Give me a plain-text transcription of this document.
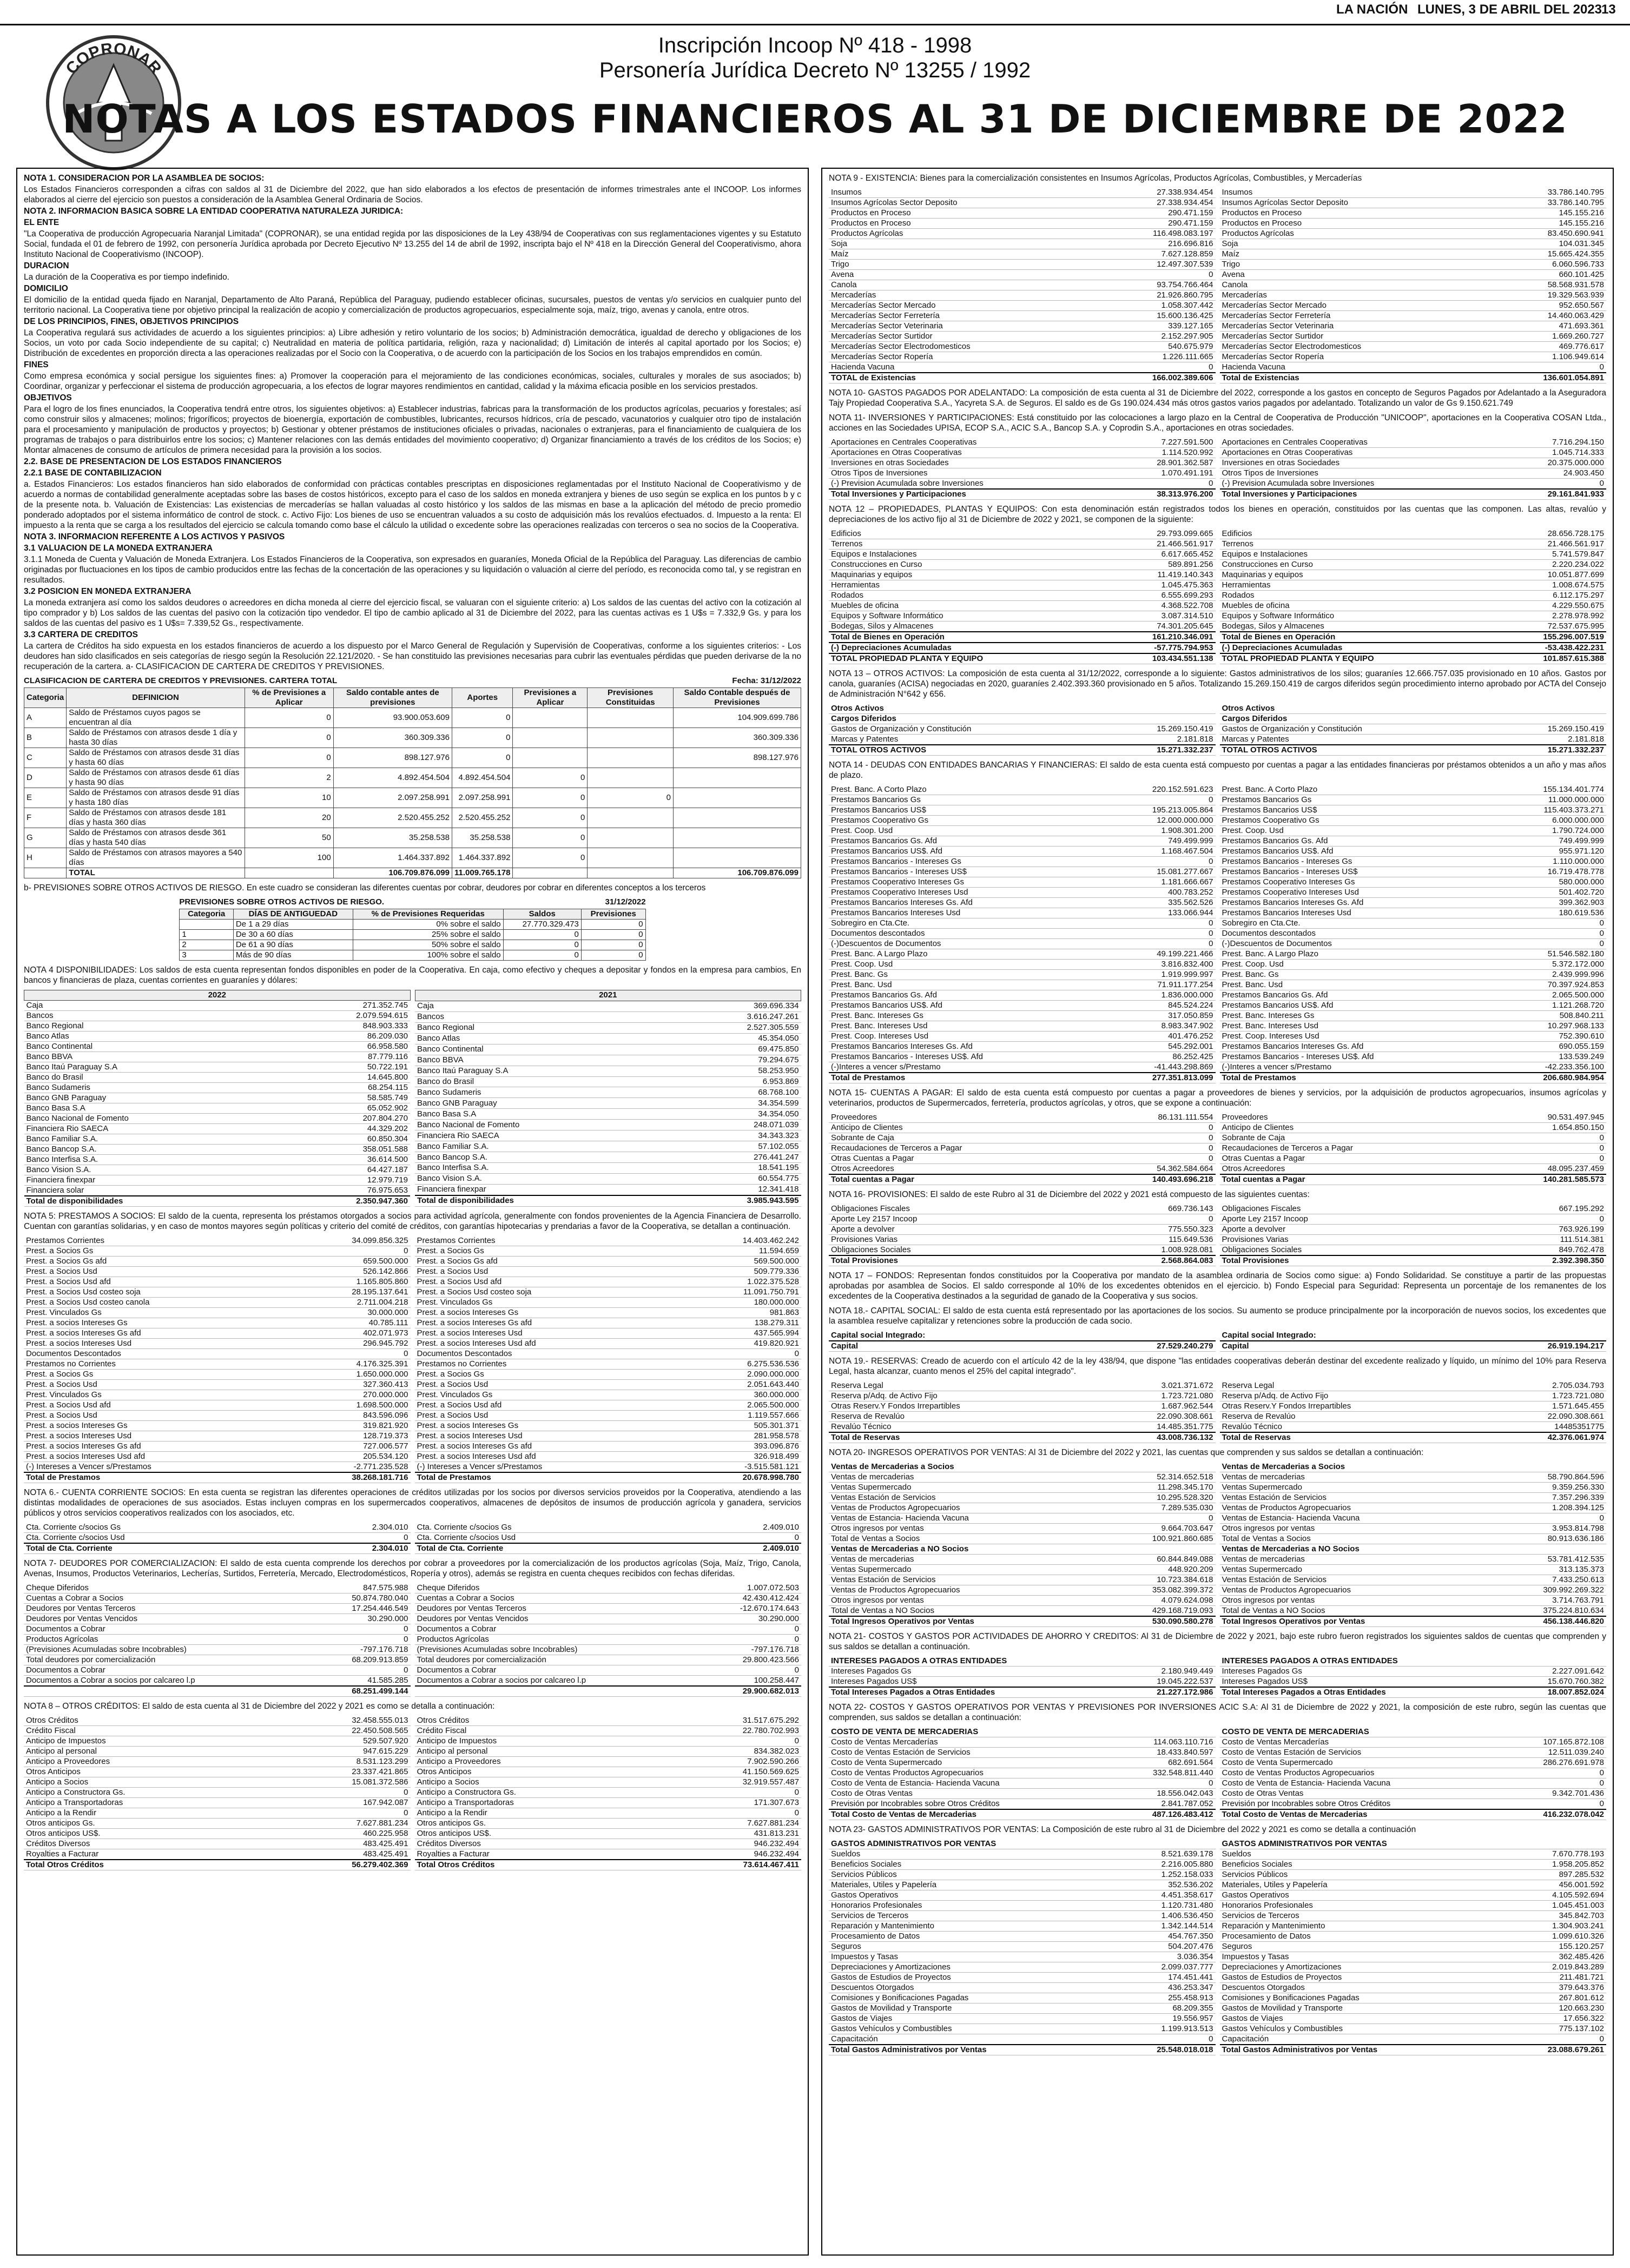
LA NACIÓN LUNES, 3 DE ABRIL DEL 2023 13
COPRONAR
Inscripción Incoop Nº 418 - 1998
Personería Jurídica Decreto Nº 13255 / 1992
NOTAS A LOS ESTADOS FINANCIEROS AL 31 DE DICIEMBRE DE 2022

NOTA 1. CONSIDERACION POR LA ASAMBLEA DE SOCIOS:

Los Estados Financieros corresponden a cifras con saldos al 31 de Diciembre del 2022, que han sido elaborados a los efectos de presentación de informes trimestrales ante el INCOOP. Los informes elaborados al cierre del ejercicio son puestos a consideración de la Asamblea General Ordinaria de Socios.

NOTA 2. INFORMACION BASICA SOBRE LA ENTIDAD COOPERATIVA NATURALEZA JURIDICA:

EL ENTE

"La Cooperativa de producción Agropecuaria Naranjal Limitada" (COPRONAR), se una entidad regida por las disposiciones de la Ley 438/94 de Cooperativas con sus reglamentaciones vigentes y su Estatuto Social, fundada el 01 de febrero de 1992, con personería Jurídica aprobada por Decreto Ejecutivo Nº 13.255 del 14 de abril de 1992, inscripta bajo el Nº 418 en la Dirección General del Cooperativismo, ahora Instituto Nacional de Cooperativismo (INCOOP).

DURACION

La duración de la Cooperativa es por tiempo indefinido.

DOMICILIO

El domicilio de la entidad queda fijado en Naranjal, Departamento de Alto Paraná, República del Paraguay, pudiendo establecer oficinas, sucursales, puestos de ventas y/o servicios en cualquier punto del territorio nacional. La Cooperativa tiene por objetivo principal la realización de acopio y comercialización de productos agropecuarios, especialmente soja, maíz, trigo, avenas y canola, entre otros.

DE LOS PRINCIPIOS, FINES, OBJETIVOS PRINCIPIOS

La Cooperativa regulará sus actividades de acuerdo a los siguientes principios: a) Libre adhesión y retiro voluntario de los socios; b) Administración democrática, igualdad de derecho y obligaciones de los Socios, un voto por cada Socio independiente de su capital; c) Neutralidad en materia de política partidaria, religión, raza y nacionalidad; d) Limitación de interés al capital aportado por los Socios; e) Distribución de excedentes en proporción directa a las operaciones realizadas por el Socio con la Cooperativa, o de acuerdo con la participación de los Socios en los trabajos emprendidos en común.

FINES

Como empresa económica y social persigue los siguientes fines: a) Promover la cooperación para el mejoramiento de las condiciones económicas, sociales, culturales y morales de sus asociados; b) Coordinar, organizar y perfeccionar el sistema de producción agropecuaria, a los efectos de lograr mayores rendimientos en cantidad, calidad y la máxima eficacia posible en los servicios prestados.

OBJETIVOS

Para el logro de los fines enunciados, la Cooperativa tendrá entre otros, los siguientes objetivos: a) Establecer industrias, fabricas para la transformación de los productos agrícolas, pecuarios y forestales; así como construir silos y almacenes; molinos; frigoríficos; proyectos de bioenergía, exportación de combustibles, lubricantes, recursos hídricos, cría de pescado, vacunatorios y cualquier otro tipo de instalación para el procesamiento y manipulación de productos y proyectos; b) Gestionar y obtener préstamos de instituciones oficiales o privadas, nacionales o extranjeras, para el financiamiento de cualquiera de los programas de trabajos o para distribuirlos entre los socios; c) Mantener relaciones con las demás entidades del movimiento cooperativo; d) Organizar financiamiento a través de los créditos de los Socios; e) Montar almacenes de consumo de artículos de primera necesidad para la provisión a los socios.

2.2. BASE DE PRESENTACION DE LOS ESTADOS FINANCIEROS

2.2.1 BASE DE CONTABILIZACION

a. Estados Financieros: Los estados financieros han sido elaborados de conformidad con prácticas contables prescriptas en disposiciones reglamentadas por el Instituto Nacional de Cooperativismo y de acuerdo a normas de contabilidad generalmente aceptadas sobre las bases de costos históricos, excepto para el caso de los saldos en moneda extranjera y bienes de uso según se explica en los puntos b y c de la presente nota. b. Valuación de Existencias: Las existencias de mercaderías se hallan valuadas al costo histórico y los saldos de las mismas en base a la aplicación del método de precio promedio ponderado adoptados por el sistema informático de control de stock. c. Activo Fijo: Los bienes de uso se encuentran valuados a su costo de adquisición más los revalúos efectuados. d. Impuesto a la renta: El impuesto a la renta que se carga a los resultados del ejercicio se calcula tomando como base el cálculo la utilidad o excedente sobre las operaciones realizadas con terceros o sea no socios de la Cooperativa.

NOTA 3. INFORMACION REFERENTE A LOS ACTIVOS Y PASIVOS

3.1 VALUACION DE LA MONEDA EXTRANJERA

3.1.1 Moneda de Cuenta y Valuación de Moneda Extranjera. Los Estados Financieros de la Cooperativa, son expresados en guaraníes, Moneda Oficial de la República del Paraguay. Las diferencias de cambio originadas por fluctuaciones en los tipos de cambio producidos entre las fechas de la concertación de las operaciones y su liquidación o valuación al cierre del período, es reconocida como tal, y se registran en resultados.

3.2 POSICION EN MONEDA EXTRANJERA

La moneda extranjera así como los saldos deudores o acreedores en dicha moneda al cierre del ejercicio fiscal, se valuaran con el siguiente criterio: a) Los saldos de las cuentas del activo con la cotización al tipo comprador y b) Los saldos de las cuentas del pasivo con la cotización tipo vendedor. El tipo de cambio aplicado al 31 de Diciembre del 2022, para las cuentas activas es 1 U$s = 7.332,9 Gs. y para los saldos de las cuentas del pasivo es 1 U$s= 7.339,52 Gs., respectivamente.

3.3 CARTERA DE CREDITOS

La cartera de Créditos ha sido expuesta en los estados financieros de acuerdo a los dispuesto por el Marco General de Regulación y Supervisión de Cooperativas, conforme a los siguientes criterios: - Los deudores han sido clasificados en seis categorías de riesgo según la Resolución 22.121/2020. - Se han constituido las previsiones necesarias para cubrir las eventuales pérdidas que pueden derivarse de la no recuperación de la cartera. a- CLASIFICACION DE CARTERA DE CREDITOS Y PREVISIONES.

CLASIFICACION DE CARTERA DE CREDITOS Y PREVISIONES. CARTERA TOTAL	Fecha: 31/12/2022
Categoria	DEFINICION	% de Previsiones a Aplicar	Saldo contable antes de previsiones	Aportes	Previsiones a Aplicar	Previsiones Constituidas	Saldo Contable después de Previsiones
A	Saldo de Préstamos cuyos pagos se encuentran al día	0	93.900.053.609	0			104.909.699.786
B	Saldo de Préstamos con atrasos desde 1 día y hasta 30 días	0	360.309.336	0			360.309.336
C	Saldo de Préstamos con atrasos desde 31 días y hasta 60 días	0	898.127.976	0			898.127.976
D	Saldo de Préstamos con atrasos desde 61 días y hasta 90 días	2	4.892.454.504	4.892.454.504	0		
E	Saldo de Préstamos con atrasos desde 91 días y hasta 180 días	10	2.097.258.991	2.097.258.991	0	0	
F	Saldo de Préstamos con atrasos desde 181 días y hasta 360 días	20	2.520.455.252	2.520.455.252	0		
G	Saldo de Préstamos con atrasos desde 361 días y hasta 540 días	50	35.258.538	35.258.538	0		
H	Saldo de Préstamos con atrasos mayores a 540 días	100	1.464.337.892	1.464.337.892	0		
	TOTAL		106.709.876.099	11.009.765.178			106.709.876.099

b- PREVISIONES SOBRE OTROS ACTIVOS DE RIESGO. En este cuadro se consideran las diferentes cuentas por cobrar, deudores por cobrar en diferentes conceptos a los terceros

PREVISIONES SOBRE OTROS ACTIVOS DE RIESGO.	31/12/2022
Categoria	DÍAS DE ANTIGUEDAD	% de Previsiones Requeridas	Saldos	Previsiones
	De 1 a 29 días	0% sobre el saldo	27.770.329.473	0
1	De 30 a 60 días	25% sobre el saldo	0	0
2	De 61 a 90 días	50% sobre el saldo	0	0
3	Más de 90 días	100% sobre el saldo	0	0

NOTA 4 DISPONIBILIDADES: Los saldos de esta cuenta representan fondos disponibles en poder de la Cooperativa. En caja, como efectivo y cheques a depositar y fondos en la empresa para cambios, En bancos y financieras de plaza, cuentas corrientes en guaraníes y dólares:

2022	
Caja	271.352.745
Bancos	2.079.594.615
Banco Regional	848.903.333
Banco Atlas	86.209.030
Banco Continental	66.958.580
Banco BBVA	87.779.116
Banco Itaú Paraguay S.A	50.722.191
Banco do Brasil	14.645.800
Banco Sudameris	68.254.115
Banco GNB Paraguay	58.585.749
Banco Basa S.A	65.052.902
Banco Nacional de Fomento	207.804.270
Financiera Rio SAECA	44.329.202
Banco Familiar S.A.	60.850.304
Banco Bancop S.A.	358.051.588
Banco Interfisa S.A.	36.614.500
Banco Vision S.A.	64.427.187
Financiera finexpar	12.979.719
Financiera solar	76.975.653
Total de disponibilidades	2.350.947.360
2021	
Caja	369.696.334
Bancos	3.616.247.261
Banco Regional	2.527.305.559
Banco Atlas	45.354.050
Banco Continental	69.475.850
Banco BBVA	79.294.675
Banco Itaú Paraguay S.A	58.253.950
Banco do Brasil	6.953.869
Banco Sudameris	68.768.100
Banco GNB Paraguay	34.354.599
Banco Basa S.A	34.354.050
Banco Nacional de Fomento	248.071.039
Financiera Rio SAECA	34.343.323
Banco Familiar S.A.	57.102.055
Banco Bancop S.A.	276.441.247
Banco Interfisa S.A.	18.541.195
Banco Vision S.A.	60.554.775
Financiera finexpar	12.341.418
Total de disponibilidades	3.985.943.595

NOTA 5: PRESTAMOS A SOCIOS: El saldo de la cuenta, representa los préstamos otorgados a socios para actividad agrícola, generalmente con fondos provenientes de la Agencia Financiera de Desarrollo. Cuentan con garantías solidarias, y en caso de montos mayores según políticas y criterio del comité de créditos, con garantías hipotecarias y prendarias a favor de la Cooperativa, se detallan a continuación.

Prestamos Corrientes	34.099.856.325
Prest. a Socios Gs	0
Prest. a Socios Gs afd	659.500.000
Prest. a Socios Usd	526.142.866
Prest. a Socios Usd afd	1.165.805.860
Prest. a Socios Usd costeo soja	28.195.137.641
Prest. a Socios Usd costeo canola	2.711.004.218
Prest. Vinculados Gs	30.000.000
Prest. a socios Intereses Gs	40.785.111
Prest. a socios Intereses Gs afd	402.071.973
Prest. a socios Intereses Usd	296.945.792
Documentos Descontados	0
Prestamos no Corrientes	4.176.325.391
Prest. a Socios Gs	1.650.000.000
Prest. a Socios Usd	327.360.413
Prest. Vinculados Gs	270.000.000
Prest. a Socios Usd afd	1.698.500.000
Prest. a Socios Usd	843.596.096
Prest. a socios Intereses Gs	319.821.920
Prest. a socios Intereses Usd	128.719.373
Prest. a socios Intereses Gs afd	727.006.577
Prest. a socios Intereses Usd afd	205.534.120
(-) Intereses a Vencer s/Prestamos	-2.771.235.528
Total de Prestamos	38.268.181.716
Prestamos Corrientes	14.403.462.242
Prest. a Socios Gs	11.594.659
Prest. a Socios Gs afd	569.500.000
Prest. a Socios Usd	509.779.336
Prest. a Socios Usd afd	1.022.375.528
Prest. a Socios Usd costeo soja	11.091.750.791
Prest. Vinculados Gs	180.000.000
Prest. a socios Intereses Gs	981.863
Prest. a socios Intereses Gs afd	138.279.311
Prest. a socios Intereses Usd	437.565.994
Prest. a socios Intereses Usd afd	419.820.921
Documentos Descontados	0
Prestamos no Corrientes	6.275.536.536
Prest. a Socios Gs	2.090.000.000
Prest. a Socios Usd	2.051.643.440
Prest. Vinculados Gs	360.000.000
Prest. a Socios Usd afd	2.065.500.000
Prest. a Socios Usd	1.119.557.666
Prest. a socios Intereses Gs	505.301.371
Prest. a socios Intereses Usd	281.958.578
Prest. a socios Intereses Gs afd	393.096.876
Prest. a socios Intereses Usd afd	326.918.499
(-) Intereses a Vencer s/Prestamos	-3.515.581.121
Total de Prestamos	20.678.998.780

NOTA 6.- CUENTA CORRIENTE SOCIOS: En esta cuenta se registran las diferentes operaciones de créditos utilizadas por los socios por diversos servicios proveidos por la Cooperativa, atendiendo a las distintas modalidades de operaciones de sus asociados. Estas incluyen compras en los supermercados cooperativos, almacenes de depósitos de insumos de producción agrícola y ganadera, servicios públicos y otros servicios cooperativos realizados con los asociados, etc.

Cta. Corriente c/socios Gs	2.304.010
Cta. Corriente c/socios Usd	0
Total de Cta. Corriente	2.304.010
Cta. Corriente c/socios Gs	2.409.010
Cta. Corriente c/socios Usd	0
Total de Cta. Corriente	2.409.010

NOTA 7- DEUDORES POR COMERCIALIZACION: El saldo de esta cuenta comprende los derechos por cobrar a proveedores por la comercialización de los productos agrícolas (Soja, Maíz, Trigo, Canola, Avenas, Insumos, Productos Veterinarios, Lecherías, Surtidos, Ferretería, Mercado, Electrodomésticos, Ropería y otros), además se registra en cuenta cheques recibidos con fechas diferidas.

Cheque Diferidos	847.575.988
Cuentas a Cobrar a Socios	50.874.780.040
Deudores por Ventas Terceros	17.254.446.549
Deudores por Ventas Vencidos	30.290.000
Documentos a Cobrar	0
Productos Agrícolas	0
(Previsiones Acumuladas sobre Incobrables)	-797.176.718
Total deudores por comercialización	68.209.913.859
Documentos a Cobrar	0
Documentos a Cobrar a socios por calcareo l.p	41.585.285
	68.251.499.144
Cheque Diferidos	1.007.072.503
Cuentas a Cobrar a Socios	42.430.412.424
Deudores por Ventas Terceros	-12.670.174.643
Deudores por Ventas Vencidos	30.290.000
Documentos a Cobrar	0
Productos Agrícolas	0
(Previsiones Acumuladas sobre Incobrables)	-797.176.718
Total deudores por comercialización	29.800.423.566
Documentos a Cobrar	0
Documentos a Cobrar a socios por calcareo l.p	100.258.447
	29.900.682.013

NOTA 8 – OTROS CRÉDITOS: El saldo de esta cuenta al 31 de Diciembre del 2022 y 2021 es como se detalla a continuación:

Otros Créditos	32.458.555.013
Crédito Fiscal	22.450.508.565
Anticipo de Impuestos	529.507.920
Anticipo al personal	947.615.229
Anticipo a Proveedores	8.531.123.299
Otros Anticipos	23.337.421.865
Anticipo a Socios	15.081.372.586
Anticipo a Constructora Gs.	0
Anticipo a Transportadoras	167.942.087
Anticipo a la Rendir	0
Otros anticipos Gs.	7.627.881.234
Otros anticipos US$.	460.225.958
Créditos Diversos	483.425.491
Royalties a Facturar	483.425.491
Total Otros Créditos	56.279.402.369
Otros Créditos	31.517.675.292
Crédito Fiscal	22.780.702.993
Anticipo de Impuestos	0
Anticipo al personal	834.382.023
Anticipo a Proveedores	7.902.590.266
Otros Anticipos	41.150.569.625
Anticipo a Socios	32.919.557.487
Anticipo a Constructora Gs.	0
Anticipo a Transportadoras	171.307.673
Anticipo a la Rendir	0
Otros anticipos Gs.	7.627.881.234
Otros anticipos US$.	431.813.231
Créditos Diversos	946.232.494
Royalties a Facturar	946.232.494
Total Otros Créditos	73.614.467.411

NOTA 9 - EXISTENCIA: Bienes para la comercialización consistentes en Insumos Agrícolas, Productos Agrícolas, Combustibles, y Mercaderías

Insumos	27.338.934.454
Insumos Agrícolas Sector Deposito	27.338.934.454
Productos en Proceso	290.471.159
Productos en Proceso	290.471.159
Productos Agrícolas	116.498.083.197
Soja	216.696.816
Maíz	7.627.128.859
Trigo	12.497.307.539
Avena	0
Canola	93.754.766.464
Mercaderías	21.926.860.795
Mercaderías Sector Mercado	1.058.307.442
Mercaderías Sector Ferretería	15.600.136.425
Mercaderías Sector Veterinaria	339.127.165
Mercaderías Sector Surtidor	2.152.297.905
Mercaderías Sector Electrodomesticos	540.675.979
Mercaderías Sector Ropería	1.226.111.665
Hacienda Vacuna	0
TOTAL de Existencias	166.002.389.606
Insumos	33.786.140.795
Insumos Agrícolas Sector Deposito	33.786.140.795
Productos en Proceso	145.155.216
Productos en Proceso	145.155.216
Productos Agrícolas	83.450.690.941
Soja	104.031.345
Maíz	15.665.424.355
Trigo	6.060.596.733
Avena	660.101.425
Canola	58.568.931.578
Mercaderías	19.329.563.939
Mercaderías Sector Mercado	952.650.567
Mercaderías Sector Ferretería	14.460.063.429
Mercaderías Sector Veterinaria	471.693.361
Mercaderías Sector Surtidor	1.669.260.727
Mercaderías Sector Electrodomesticos	469.776.617
Mercaderías Sector Ropería	1.106.949.614
Hacienda Vacuna	0
Total de Existencias	136.601.054.891

NOTA 10- GASTOS PAGADOS POR ADELANTADO: La composición de esta cuenta al 31 de Diciembre del 2022, corresponde a los gastos en concepto de Seguros Pagados por Adelantado a la Aseguradora Tajy Propiedad Cooperativa S.A., Yacyreta S.A. de Seguros. El saldo es de Gs 190.024.434 más otros gastos varios pagados por adelantado. Totalizando un valor de Gs 9.150.621.749

NOTA 11- INVERSIONES Y PARTICIPACIONES: Está constituido por las colocaciones a largo plazo en la Central de Cooperativa de Producción "UNICOOP", aportaciones en la Cooperativa COSAN Ltda., acciones en las Sociedades UPISA, ECOP S.A., ACIC S.A., Bancop S.A. y Coprodin S.A., aportaciones en otras sociedades.

Aportaciones en Centrales Cooperativas	7.227.591.500
Aportaciones en Otras Cooperativas	1.114.520.992
Inversiones en otras Sociedades	28.901.362.587
Otros Tipos de Inversiones	1.070.491.191
(-) Prevision Acumulada sobre Inversiones	0
Total Inversiones y Participaciones	38.313.976.200
Aportaciones en Centrales Cooperativas	7.716.294.150
Aportaciones en Otras Cooperativas	1.045.714.333
Inversiones en otras Sociedades	20.375.000.000
Otros Tipos de Inversiones	24.903.450
(-) Prevision Acumulada sobre Inversiones	0
Total Inversiones y Participaciones	29.161.841.933

NOTA 12 – PROPIEDADES, PLANTAS Y EQUIPOS: Con esta denominación están registrados todos los bienes en operación, constituidos por las cuentas que las componen. Las altas, revalúo y depreciaciones de los activo fijo al 31 de Diciembre de 2022 y 2021, se componen de la siguiente:

Edificios	29.793.099.665
Terrenos	21.466.561.917
Equipos e Instalaciones	6.617.665.452
Construcciones en Curso	589.891.256
Maquinarias y equipos	11.419.140.343
Herramientas	1.045.475.363
Rodados	6.555.699.293
Muebles de oficina	4.368.522.708
Equipos y Software Informático	3.087.314.510
Bodegas, Silos y Almacenes	74.301.205.645
Total de Bienes en Operación	161.210.346.091
(-) Depreciaciones Acumuladas	-57.775.794.953
TOTAL PROPIEDAD PLANTA Y EQUIPO	103.434.551.138
Edificios	28.656.728.175
Terrenos	21.466.561.917
Equipos e Instalaciones	5.741.579.847
Construcciones en Curso	2.220.234.022
Maquinarias y equipos	10.051.877.699
Herramientas	1.008.674.575
Rodados	6.112.175.297
Muebles de oficina	4.229.550.675
Equipos y Software Informático	2.278.978.992
Bodegas, Silos y Almacenes	72.537.675.995
Total de Bienes en Operación	155.296.007.519
(-) Depreciaciones Acumuladas	-53.438.422.231
TOTAL PROPIEDAD PLANTA Y EQUIPO	101.857.615.388

NOTA 13 – OTROS ACTIVOS: La composición de esta cuenta al 31/12/2022, corresponde a lo siguiente: Gastos administrativos de los silos; guaraníes 12.666.757.035 provisionado en 10 años. Gastos por canola, guaraníes (ACISA) negociadas en 2020, guaraníes 2.402.393.360 provisionado en 5 años. Totalizando 15.269.150.419 de cargos diferidos según procedimiento interno aprobado por ACTA del Consejo de Administración N°642 y 656.

Otros Activos	
Cargos Diferidos	
Gastos de Organización y Constitución	15.269.150.419
Marcas y Patentes	2.181.818
TOTAL OTROS ACTIVOS	15.271.332.237
Otros Activos	
Cargos Diferidos	
Gastos de Organización y Constitución	15.269.150.419
Marcas y Patentes	2.181.818
TOTAL OTROS ACTIVOS	15.271.332.237

NOTA 14 - DEUDAS CON ENTIDADES BANCARIAS Y FINANCIERAS: El saldo de esta cuenta está compuesto por cuentas a pagar a las entidades financieras por préstamos obtenidos a un año y mas años de plazo.

Prest. Banc. A Corto Plazo	220.152.591.623
Prestamos Bancarios Gs	0
Prestamos Bancarios US$	195.213.005.864
Prestamos Cooperativo Gs	12.000.000.000
Prest. Coop. Usd	1.908.301.200
Prestamos Bancarios Gs. Afd	749.499.999
Prestamos Bancarios US$. Afd	1.168.467.504
Prestamos Bancarios - Intereses Gs	0
Prestamos Bancarios - Intereses US$	15.081.277.667
Prestamos Cooperativo Intereses Gs	1.181.666.667
Prestamos Cooperativo Intereses Usd	400.783.252
Prestamos Bancarios Intereses Gs. Afd	335.562.526
Prestamos Bancarios Intereses Usd	133.066.944
Sobregiro en Cta.Cte.	0
Documentos descontados	0
(-)Descuentos de Documentos	0
Prest. Banc. A Largo Plazo	49.199.221.466
Prest. Coop. Usd	3.816.832.400
Prest. Banc. Gs	1.919.999.997
Prest. Banc. Usd	71.911.177.254
Prestamos Bancarios Gs. Afd	1.836.000.000
Prestamos Bancarios US$. Afd	845.524.224
Prest. Banc. Intereses Gs	317.050.859
Prest. Banc. Intereses Usd	8.983.347.902
Prest. Coop. Intereses Usd	401.476.252
Prestamos Bancarios Intereses Gs. Afd	545.292.001
Prestamos Bancarios - Intereses US$. Afd	86.252.425
(-)Interes a vencer s/Prestamo	-41.443.298.869
Total de Prestamos	277.351.813.099
Prest. Banc. A Corto Plazo	155.134.401.774
Prestamos Bancarios Gs	11.000.000.000
Prestamos Bancarios US$	115.403.373.271
Prestamos Cooperativo Gs	6.000.000.000
Prest. Coop. Usd	1.790.724.000
Prestamos Bancarios Gs. Afd	749.499.999
Prestamos Bancarios US$. Afd	955.971.120
Prestamos Bancarios - Intereses Gs	1.110.000.000
Prestamos Bancarios - Intereses US$	16.719.478.778
Prestamos Cooperativo Intereses Gs	580.000.000
Prestamos Cooperativo Intereses Usd	501.402.720
Prestamos Bancarios Intereses Gs. Afd	399.362.903
Prestamos Bancarios Intereses Usd	180.619.536
Sobregiro en Cta.Cte.	0
Documentos descontados	0
(-)Descuentos de Documentos	0
Prest. Banc. A Largo Plazo	51.546.582.180
Prest. Coop. Usd	5.372.172.000
Prest. Banc. Gs	2.439.999.996
Prest. Banc. Usd	70.397.924.853
Prestamos Bancarios Gs. Afd	2.065.500.000
Prestamos Bancarios US$. Afd	1.121.268.720
Prest. Banc. Intereses Gs	508.840.211
Prest. Banc. Intereses Usd	10.297.968.133
Prest. Coop. Intereses Usd	752.390.610
Prestamos Bancarios Intereses Gs. Afd	690.055.159
Prestamos Bancarios - Intereses US$. Afd	133.539.249
(-)Interes a vencer s/Prestamo	-42.233.356.100
Total de Prestamos	206.680.984.954

NOTA 15- CUENTAS A PAGAR: El saldo de esta cuenta está compuesto por cuentas a pagar a proveedores de bienes y servicios, por la adquisición de productos agropecuarios, insumos agrícolas y veterinarios, productos de Supermercados, ferretería, productos agrícolas, y otros, que se expone a continuación:

Proveedores	86.131.111.554
Anticipo de Clientes	0
Sobrante de Caja	0
Recaudaciones de Terceros a Pagar	0
Otras Cuentas a Pagar	0
Otros Acreedores	54.362.584.664
Total cuentas a Pagar	140.493.696.218
Proveedores	90.531.497.945
Anticipo de Clientes	1.654.850.150
Sobrante de Caja	0
Recaudaciones de Terceros a Pagar	0
Otras Cuentas a Pagar	0
Otros Acreedores	48.095.237.459
Total cuentas a Pagar	140.281.585.573

NOTA 16- PROVISIONES: El saldo de este Rubro al 31 de Diciembre del 2022 y 2021 está compuesto de las siguientes cuentas:

Obligaciones Fiscales	669.736.143
Aporte Ley 2157 Incoop	0
Aporte a devolver	775.550.323
Provisiones Varias	115.649.536
Obligaciones Sociales	1.008.928.081
Total Provisiones	2.568.864.083
Obligaciones Fiscales	667.195.292
Aporte Ley 2157 Incoop	0
Aporte a devolver	763.926.199
Provisiones Varias	111.514.381
Obligaciones Sociales	849.762.478
Total Provisiones	2.392.398.350

NOTA 17 – FONDOS: Representan fondos constituidos por la Cooperativa por mandato de la asamblea ordinaria de Socios como sigue: a) Fondo Solidaridad. Se constituye a partir de las propuestas aprobadas por asamblea de Socios. El saldo corresponde al 10% de los excedentes obtenidos en el ejercicio. b) Fondo Especial para Seguridad: Representa un porcentaje de los remanentes de los excedentes de la Cooperativa destinados a la seguridad de ganado de la Cooperativa y sus socios.

NOTA 18.- CAPITAL SOCIAL: El saldo de esta cuenta está representado por las aportaciones de los socios. Su aumento se produce principalmente por la incorporación de nuevos socios, los excedentes que la asamblea resuelve capitalizar y retenciones sobre la producción de cada socio.

Capital social Integrado:	
Capital	27.529.240.279
Capital social Integrado:	
Capital	26.919.194.217

NOTA 19.- RESERVAS: Creado de acuerdo con el artículo 42 de la ley 438/94, que dispone "las entidades cooperativas deberán destinar del excedente realizado y líquido, un mínimo del 10% para Reserva Legal, hasta alcanzar, cuanto menos el 25% del capital integrado".

Reserva Legal	3.021.371.672
Reserva p/Adq. de Activo Fijo	1.723.721.080
Otras Reserv.Y Fondos Irrepartibles	1.687.962.544
Reserva de Revalúo	22.090.308.661
Revalúo Técnico	14.485.351.775
Total de Reservas	43.008.736.132
Reserva Legal	2.705.034.793
Reserva p/Adq. de Activo Fijo	1.723.721.080
Otras Reserv.Y Fondos Irrepartibles	1.571.645.455
Reserva de Revalúo	22.090.308.661
Revalúo Técnico	14485351775
Total de Reservas	42.376.061.974

NOTA 20- INGRESOS OPERATIVOS POR VENTAS: Al 31 de Diciembre del 2022 y 2021, las cuentas que comprenden y sus saldos se detallan a continuación:

Ventas de Mercaderias a Socios	
Ventas de mercaderias	52.314.652.518
Ventas Supermercado	11.298.345.170
Ventas Estación de Servicios	10.295.528.320
Ventas de Productos Agropecuarios	7.289.535.030
Ventas de Estancia- Hacienda Vacuna	0
Otros ingresos por ventas	9.664.703.647
Total de Ventas a Socios	100.921.860.685
Ventas de Mercaderias a NO Socios	
Ventas de mercaderias	60.844.849.088
Ventas Supermercado	448.920.209
Ventas Estación de Servicios	10.723.384.618
Ventas de Productos Agropecuarios	353.082.399.372
Otros ingresos por ventas	4.079.624.098
Total de Ventas a NO Socios	429.168.719.093
Total Ingresos Operativos por Ventas	530.090.580.278
Ventas de Mercaderias a Socios	
Ventas de mercaderias	58.790.864.596
Ventas Supermercado	9.359.256.330
Ventas Estación de Servicios	7.357.296.339
Ventas de Productos Agropecuarios	1.208.394.125
Ventas de Estancia- Hacienda Vacuna	0
Otros ingresos por ventas	3.953.814.798
Total de Ventas a Socios	80.913.636.186
Ventas de Mercaderias a NO Socios	
Ventas de mercaderias	53.781.412.535
Ventas Supermercado	313.135.373
Ventas Estación de Servicios	7.433.250.613
Ventas de Productos Agropecuarios	309.992.269.322
Otros ingresos por ventas	3.714.763.791
Total de Ventas a NO Socios	375.224.810.634
Total Ingresos Operativos por Ventas	456.138.446.820

NOTA 21- COSTOS Y GASTOS POR ACTIVIDADES DE AHORRO Y CREDITOS: Al 31 de Diciembre de 2022 y 2021, bajo este rubro fueron registrados los siguientes saldos de cuentas que comprenden y sus saldos se detallan a continuación.

INTERESES PAGADOS A OTRAS ENTIDADES	
Intereses Pagados Gs	2.180.949.449
Intereses Pagados US$	19.045.222.537
Total Intereses Pagados a Otras Entidades	21.227.172.986
INTERESES PAGADOS A OTRAS ENTIDADES	
Intereses Pagados Gs	2.227.091.642
Intereses Pagados US$	15.670.760.382
Total Intereses Pagados a Otras Entidades	18.007.852.024

NOTA 22- COSTOS Y GASTOS OPERATIVOS POR VENTAS Y PREVISIONES POR INVERSIONES ACIC S.A: Al 31 de Diciembre de 2022 y 2021, la composición de este rubro, según las cuentas que comprenden, sus saldos se detallan a continuación:

COSTO DE VENTA DE MERCADERIAS	
Costo de Ventas Mercaderías	114.063.110.716
Costo de Ventas Estación de Servicios	18.433.840.597
Costo de Venta Supermercado	682.691.564
Costo de Ventas Productos Agropecuarios	332.548.811.440
Costo de Venta de Estancia- Hacienda Vacuna	0
Costo de Otras Ventas	18.556.042.043
Previsión por Incobrables sobre Otros Créditos	2.841.787.052
Total Costo de Ventas de Mercaderias	487.126.483.412
COSTO DE VENTA DE MERCADERIAS	
Costo de Ventas Mercaderías	107.165.872.108
Costo de Ventas Estación de Servicios	12.511.039.240
Costo de Venta Supermercado	286.276.691.978
Costo de Ventas Productos Agropecuarios	0
Costo de Venta de Estancia- Hacienda Vacuna	0
Costo de Otras Ventas	9.342.701.436
Previsión por Incobrables sobre Otros Créditos	0
Total Costo de Ventas de Mercaderias	416.232.078.042

NOTA 23- GASTOS ADMINISTRATIVOS POR VENTAS: La Composición de este rubro al 31 de Diciembre del 2022 y 2021 es como se detalla a continuación

GASTOS ADMINISTRATIVOS POR VENTAS	
Sueldos	8.521.639.178
Beneficios Sociales	2.216.005.880
Servicios Públicos	1.252.158.033
Materiales, Utiles y Papelería	352.536.202
Gastos Operativos	4.451.358.617
Honorarios Profesionales	1.120.731.480
Servicios de Terceros	1.406.536.450
Reparación y Mantenimiento	1.342.144.514
Procesamiento de Datos	454.767.350
Seguros	504.207.476
Impuestos y Tasas	3.036.354
Depreciaciones y Amortizaciones	2.099.037.777
Gastos de Estudios de Proyectos	174.451.441
Descuentos Otorgados	436.253.347
Comisiones y Bonificaciones Pagadas	255.458.913
Gastos de Movilidad y Transporte	68.209.355
Gastos de Viajes	19.556.957
Gastos Vehículos y Combustibles	1.199.913.513
Capacitación	0
Total Gastos Administrativos por Ventas	25.548.018.018
GASTOS ADMINISTRATIVOS POR VENTAS	
Sueldos	7.670.778.193
Beneficios Sociales	1.958.205.852
Servicios Públicos	897.285.532
Materiales, Utiles y Papelería	456.001.592
Gastos Operativos	4.105.592.694
Honorarios Profesionales	1.045.451.003
Servicios de Terceros	345.842.703
Reparación y Mantenimiento	1.304.903.241
Procesamiento de Datos	1.099.610.326
Seguros	155.120.257
Impuestos y Tasas	362.485.426
Depreciaciones y Amortizaciones	2.019.843.289
Gastos de Estudios de Proyectos	211.481.721
Descuentos Otorgados	379.643.376
Comisiones y Bonificaciones Pagadas	267.801.612
Gastos de Movilidad y Transporte	120.663.230
Gastos de Viajes	17.656.322
Gastos Vehículos y Combustibles	775.137.102
Capacitación	0
Total Gastos Administrativos por Ventas	23.088.679.261
